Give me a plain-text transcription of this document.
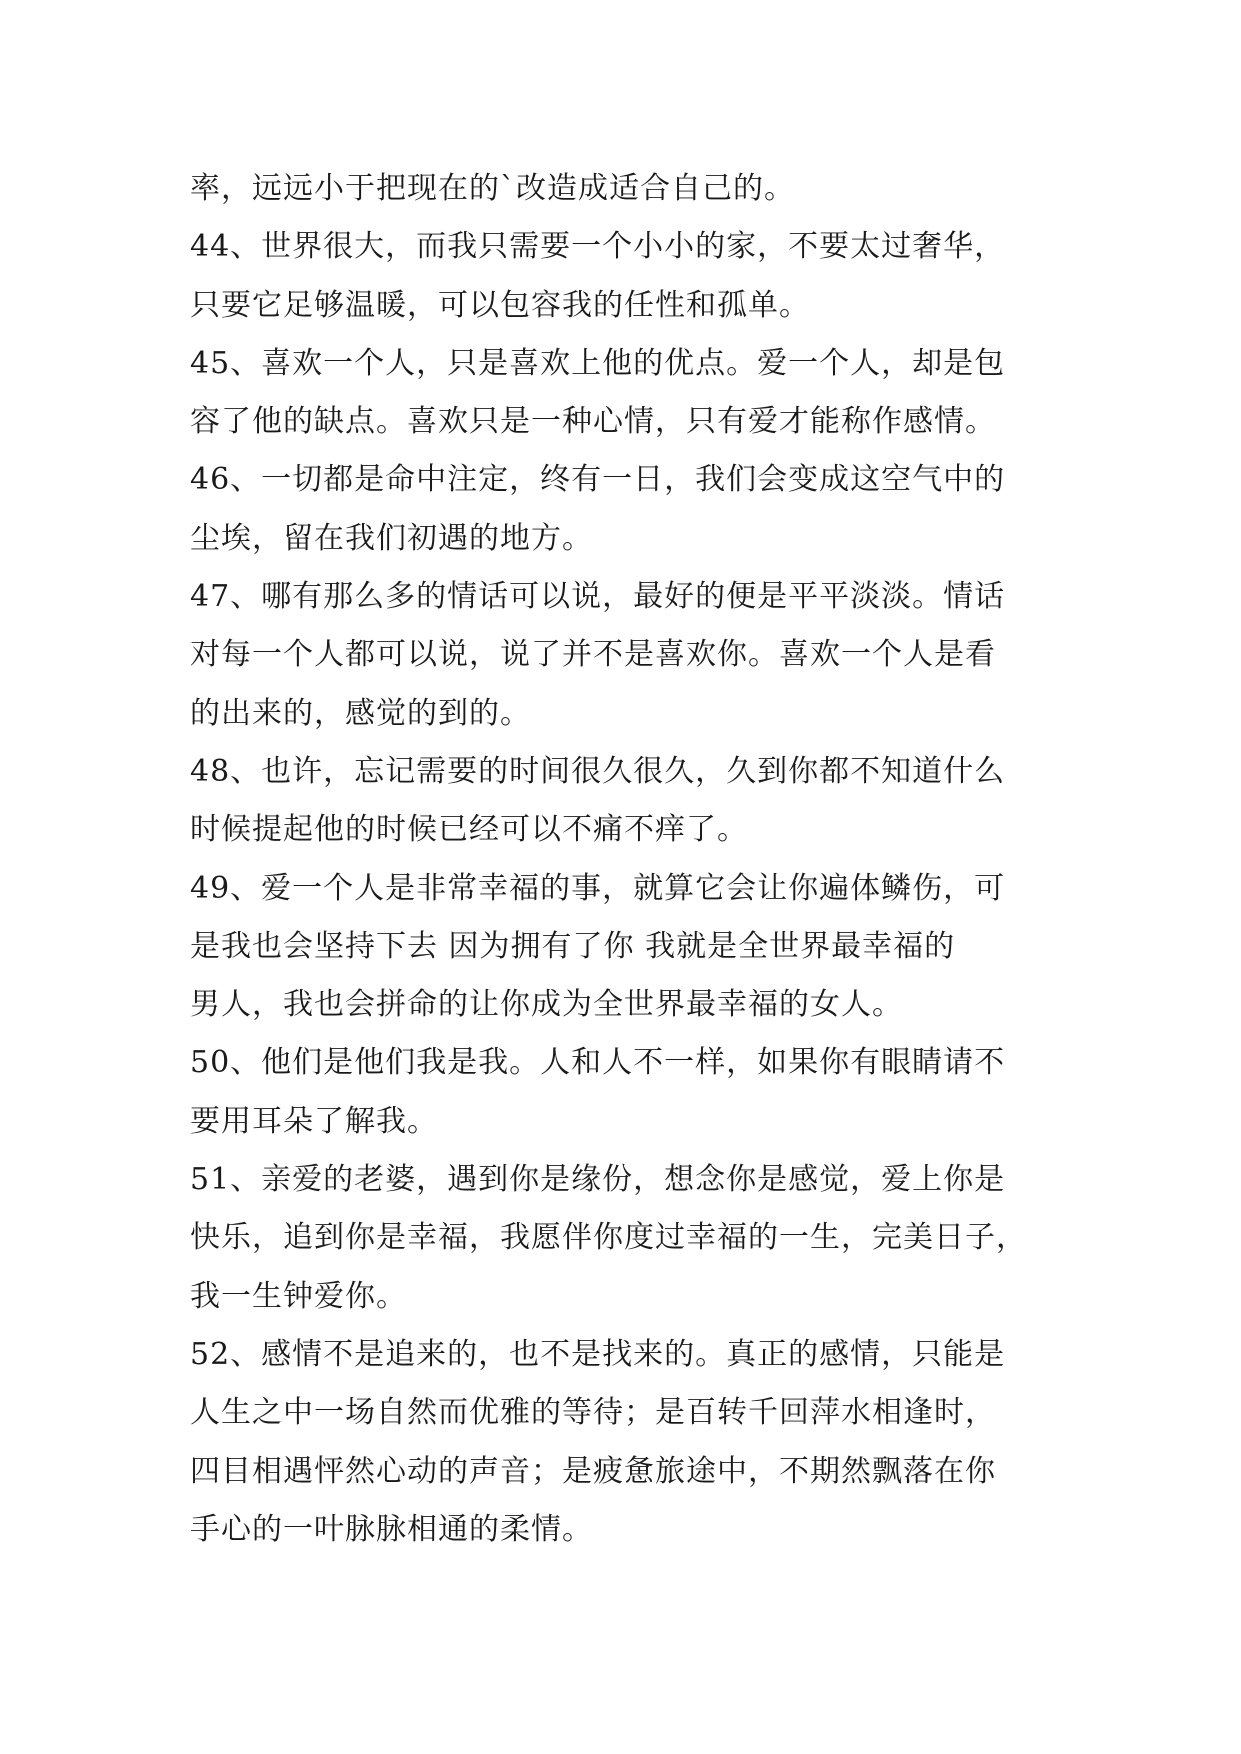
率，远远小于把现在的`改造成适合自己的。
44、世界很大，而我只需要一个小小的家，不要太过奢华，
只要它足够温暖，可以包容我的任性和孤单。
45、喜欢一个人，只是喜欢上他的优点。爱一个人，却是包
容了他的缺点。喜欢只是一种心情，只有爱才能称作感情。
46、一切都是命中注定，终有一日，我们会变成这空气中的
尘埃，留在我们初遇的地方。
47、哪有那么多的情话可以说，最好的便是平平淡淡。情话
对每一个人都可以说，说了并不是喜欢你。喜欢一个人是看
的出来的，感觉的到的。
48、也许，忘记需要的时间很久很久，久到你都不知道什么
时候提起他的时候已经可以不痛不痒了。
49、爱一个人是非常幸福的事，就算它会让你遍体鳞伤，可
是我也会坚持下去 因为拥有了你 我就是全世界最幸福的
男人，我也会拼命的让你成为全世界最幸福的女人。
50、他们是他们我是我。人和人不一样，如果你有眼睛请不
要用耳朵了解我。
51、亲爱的老婆，遇到你是缘份，想念你是感觉，爱上你是
快乐，追到你是幸福，我愿伴你度过幸福的一生，完美日子，
我一生钟爱你。
52、感情不是追来的，也不是找来的。真正的感情，只能是
人生之中一场自然而优雅的等待；是百转千回萍水相逢时，
四目相遇怦然心动的声音；是疲惫旅途中，不期然飘落在你
手心的一叶脉脉相通的柔情。
